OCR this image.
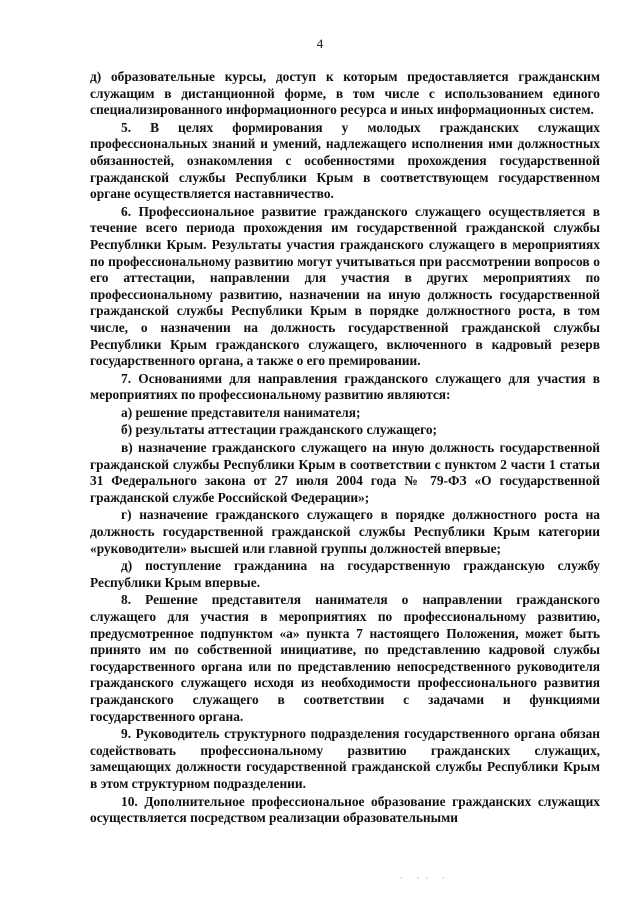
4

д) образовательные курсы, доступ к которым предоставляется гражданским служащим в дистанционной форме, в том числе с использованием единого специализированного информационного ресурса и иных информационных систем.

5. В целях формирования у молодых гражданских служащих профессиональных знаний и умений, надлежащего исполнения ими должностных обязанностей, ознакомления с особенностями прохождения государственной гражданской службы Республики Крым в соответствующем государственном органе осуществляется наставничество.

6. Профессиональное развитие гражданского служащего осуществляется в течение всего периода прохождения им государственной гражданской службы Республики Крым. Результаты участия гражданского служащего в мероприятиях по профессиональному развитию могут учитываться при рассмотрении вопросов о его аттестации, направлении для участия в других мероприятиях по профессиональному развитию, назначении на иную должность государственной гражданской службы Республики Крым в порядке должностного роста, в том числе, о назначении на должность государственной гражданской службы Республики Крым гражданского служащего, включенного в кадровый резерв государственного органа, а также о его премировании.

7. Основаниями для направления гражданского служащего для участия в мероприятиях по профессиональному развитию являются:

а) решение представителя нанимателя;

б) результаты аттестации гражданского служащего;

в) назначение гражданского служащего на иную должность государственной гражданской службы Республики Крым в соответствии с пунктом 2 части 1 статьи 31 Федерального закона от 27 июля 2004 года № 79-ФЗ «О государственной гражданской службе Российской Федерации»;

г) назначение гражданского служащего в порядке должностного роста на должность государственной гражданской службы Республики Крым категории «руководители» высшей или главной группы должностей впервые;

д) поступление гражданина на государственную гражданскую службу Республики Крым впервые.

8. Решение представителя нанимателя о направлении гражданского служащего для участия в мероприятиях по профессиональному развитию, предусмотренное подпунктом «а» пункта 7 настоящего Положения, может быть принято им по собственной инициативе, по представлению кадровой службы государственного органа или по представлению непосредственного руководителя гражданского служащего исходя из необходимости профессионального развития гражданского служащего в соответствии с задачами и функциями государственного органа.

9. Руководитель структурного подразделения государственного органа обязан содействовать профессиональному развитию гражданских служащих, замещающих должности государственной гражданской службы Республики Крым в этом структурном подразделении.

10. Дополнительное профессиональное образование гражданских служащих осуществляется посредством реализации образовательными

· ·· ·
